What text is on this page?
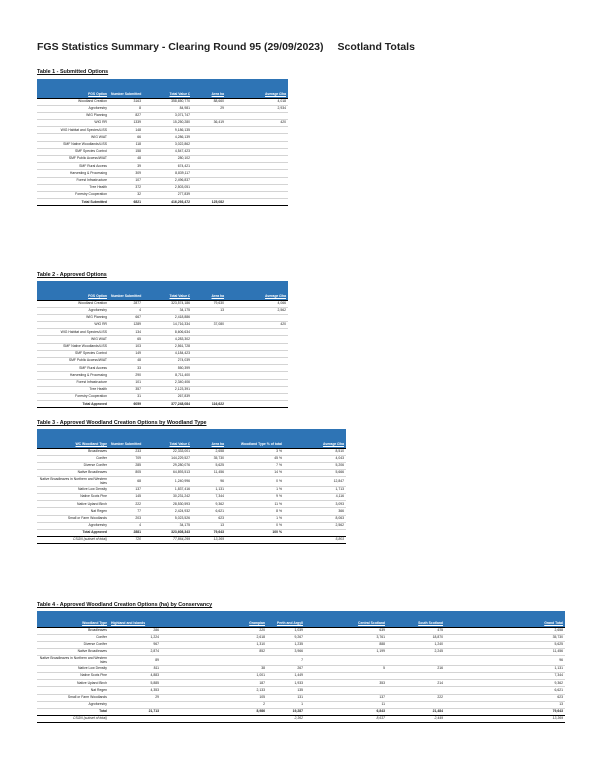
FGS Statistics Summary - Clearing Round 95 (29/09/2023) Scotland Totals
Table 1 - Submitted Options
FGS Option	Number Submitted	Total Value £	Area ha	Average £/ha
Woodland Creation	3163	358,650,770	88,660	4,018
Agroforestry	8	84,981	29	2,934
WIG Planning	827	3,071,747		
WIG RR	1339	15,250,280	36,419	420
WIG Habitat and Species/LISS	148	9,186,135		
WIG WIAT	66	4,286,139		
SMF Native Woodlands/LISS	118	3,022,862		
SMF Species Control	158	4,547,423		
SMF Public Access/WIAT	48	280,102		
SMF Rural Access	39	674,421		
Harvesting & Processing	309	8,839,117		
Forest Infrastructure	107	2,496,837		
Tree Health	372	2,503,051		
Forestry Cooperation	32	277,839		
Total Submitted	6821	416,293,472	125,082	
Table 2 - Approved Options
FGS Option	Number Submitted	Total Value £	Area ha	Average £/ha
Woodland Creation	2877	323,574,186	79,630	4,066
Agroforestry	4	34,175	13	2,562
WIG Planning	667	2,418,886		
WIG RR	1289	14,716,334	37,080	420
WIG Habitat and Species/LISS	134	8,606,634		
WIG WIAT	65	4,283,302		
SMF Native Woodlands/LISS	103	2,561,728		
SMF Species Control	149	4,184,423		
SMF Public Access/WIAT	48	274,039		
SMF Rural Access	33	550,399		
Harvesting & Processing	290	8,711,400		
Forest Infrastructure	101	2,340,406		
Tree Health	357	2,123,391		
Forestry Cooperation	31	267,839		
Total Approved	6059	377,248,084	116,622	
Table 3 - Approved Woodland Creation Options by Woodland Type
WC Woodland Type	Number Submitted	Total Value £	Area ha	Woodland Type % of total	Average £/ha
Broadleaves	233	22,333,001	2,658	3 %	8,510
Conifer	709	144,229,527	35,730	45 %	4,043
Diverse Conifer	285	29,280,076	5,625	7 %	5,206
Native Broadleaves	805	64,893,513	11,456	14 %	5,666
Native Broadleaves in Northern and Western Isles	68	1,240,996	96	0 %	12,847
Native Low Density	137	1,837,416	1,131	1 %	1,713
Native Scots Pine	145	30,231,242	7,344	9 %	4,116
Native Upland Birch	222	28,530,593	9,362	11 %	3,093
Nat Regen	77	2,424,932	6,621	8 %	366
Small or Farm Woodlands	203	5,023,526	623	1 %	8,063
Agroforestry	4	34,175	13	0 %	2,562
Total Approved	2881	323,608,343	79,643	100 %	
CSGN (subset of total)	720	77,864,299	13,369		5,803
Table 4 - Approved Woodland Creation Options (ha) by Conservancy
Woodland Type	Highland and Islands	Grampian	Perth and Argyll	Central Scotland	South Scotland	Grand Total
Broadleaves	286	220	1,039	639	475	2,658
Conifer	1,224	2,618	9,267	3,761	18,870	35,730
Diverse Conifer	967	1,310	1,235	888	1,240	5,625
Native Broadleaves	2,874	852	3,966	1,199	2,245	11,456
Native Broadleaves in Northern and Western Isles	89		7			96
Native Low Density	811	38	267	5	216	1,131
Native Scots Pine	4,883	1,001	1,449			7,344
Native Upland Birch	5,885	187	1,933	353	214	9,362
Nat Regen	4,353	2,133	135			6,621
Small or Farm Woodlands	29	105	131	137	222	623
Agroforestry		2	1	11		13
Total	21,713	8,986	19,287	6,843	21,484	79,643
CSGN (subset of total)			2,362	8,637	2,449	13,369
